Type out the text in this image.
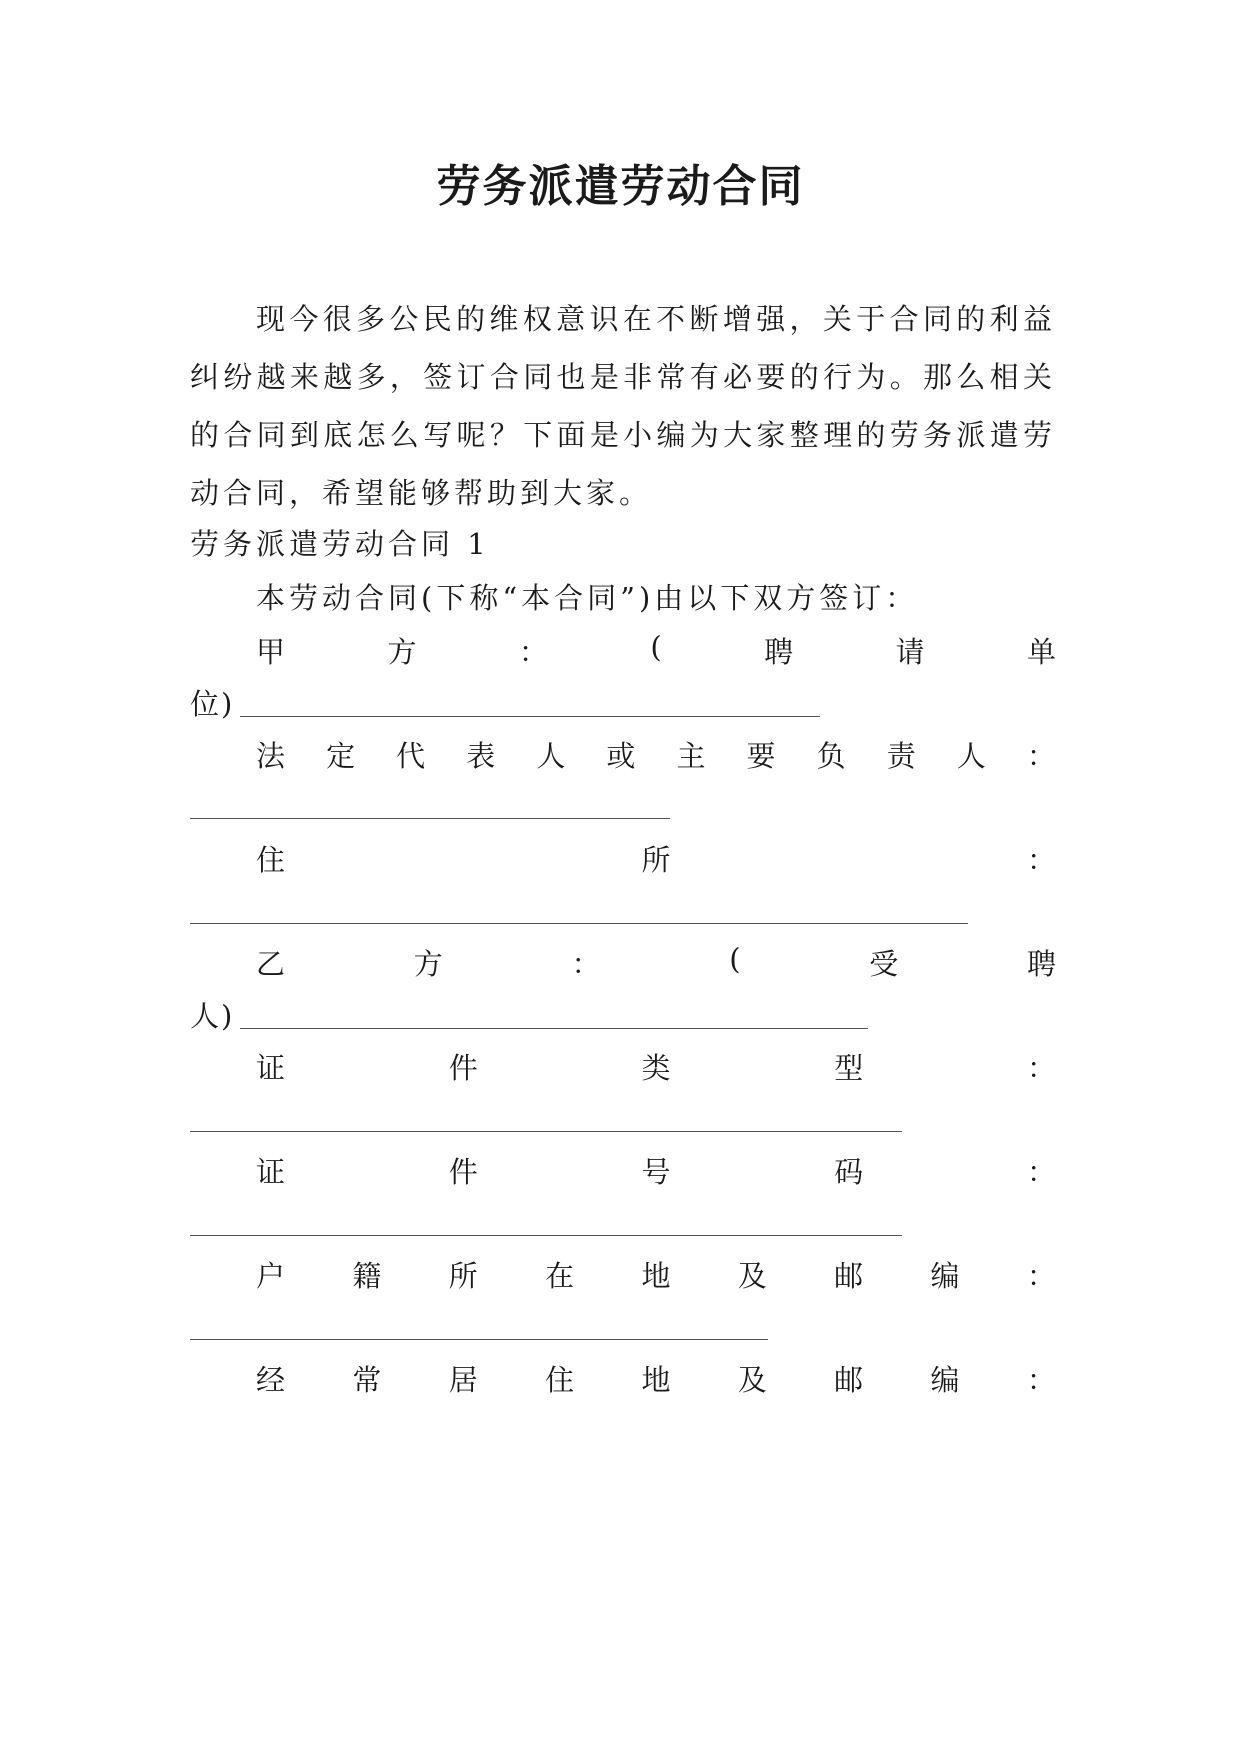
劳务派遣劳动合同
现今很多公民的维权意识在不断增强，关于合同的利益纠纷越来越多，签订合同也是非常有必要的行为。那么相关的合同到底怎么写呢？下面是小编为大家整理的劳务派遣劳动合同，希望能够帮助到大家。
劳务派遣劳动合同 1
本劳动合同(下称“本合同”)由以下双方签订：
甲	方	：	(	聘	请	单
位)
法 定 代 表 人 或 主 要 负 责 人 ：
住	所	：
乙	方	：	(	受	聘
人)
证	件	类	型	：
证	件	号	码	：
户 籍 所 在 地 及 邮 编 ：
经 常 居 住 地 及 邮 编 ：
